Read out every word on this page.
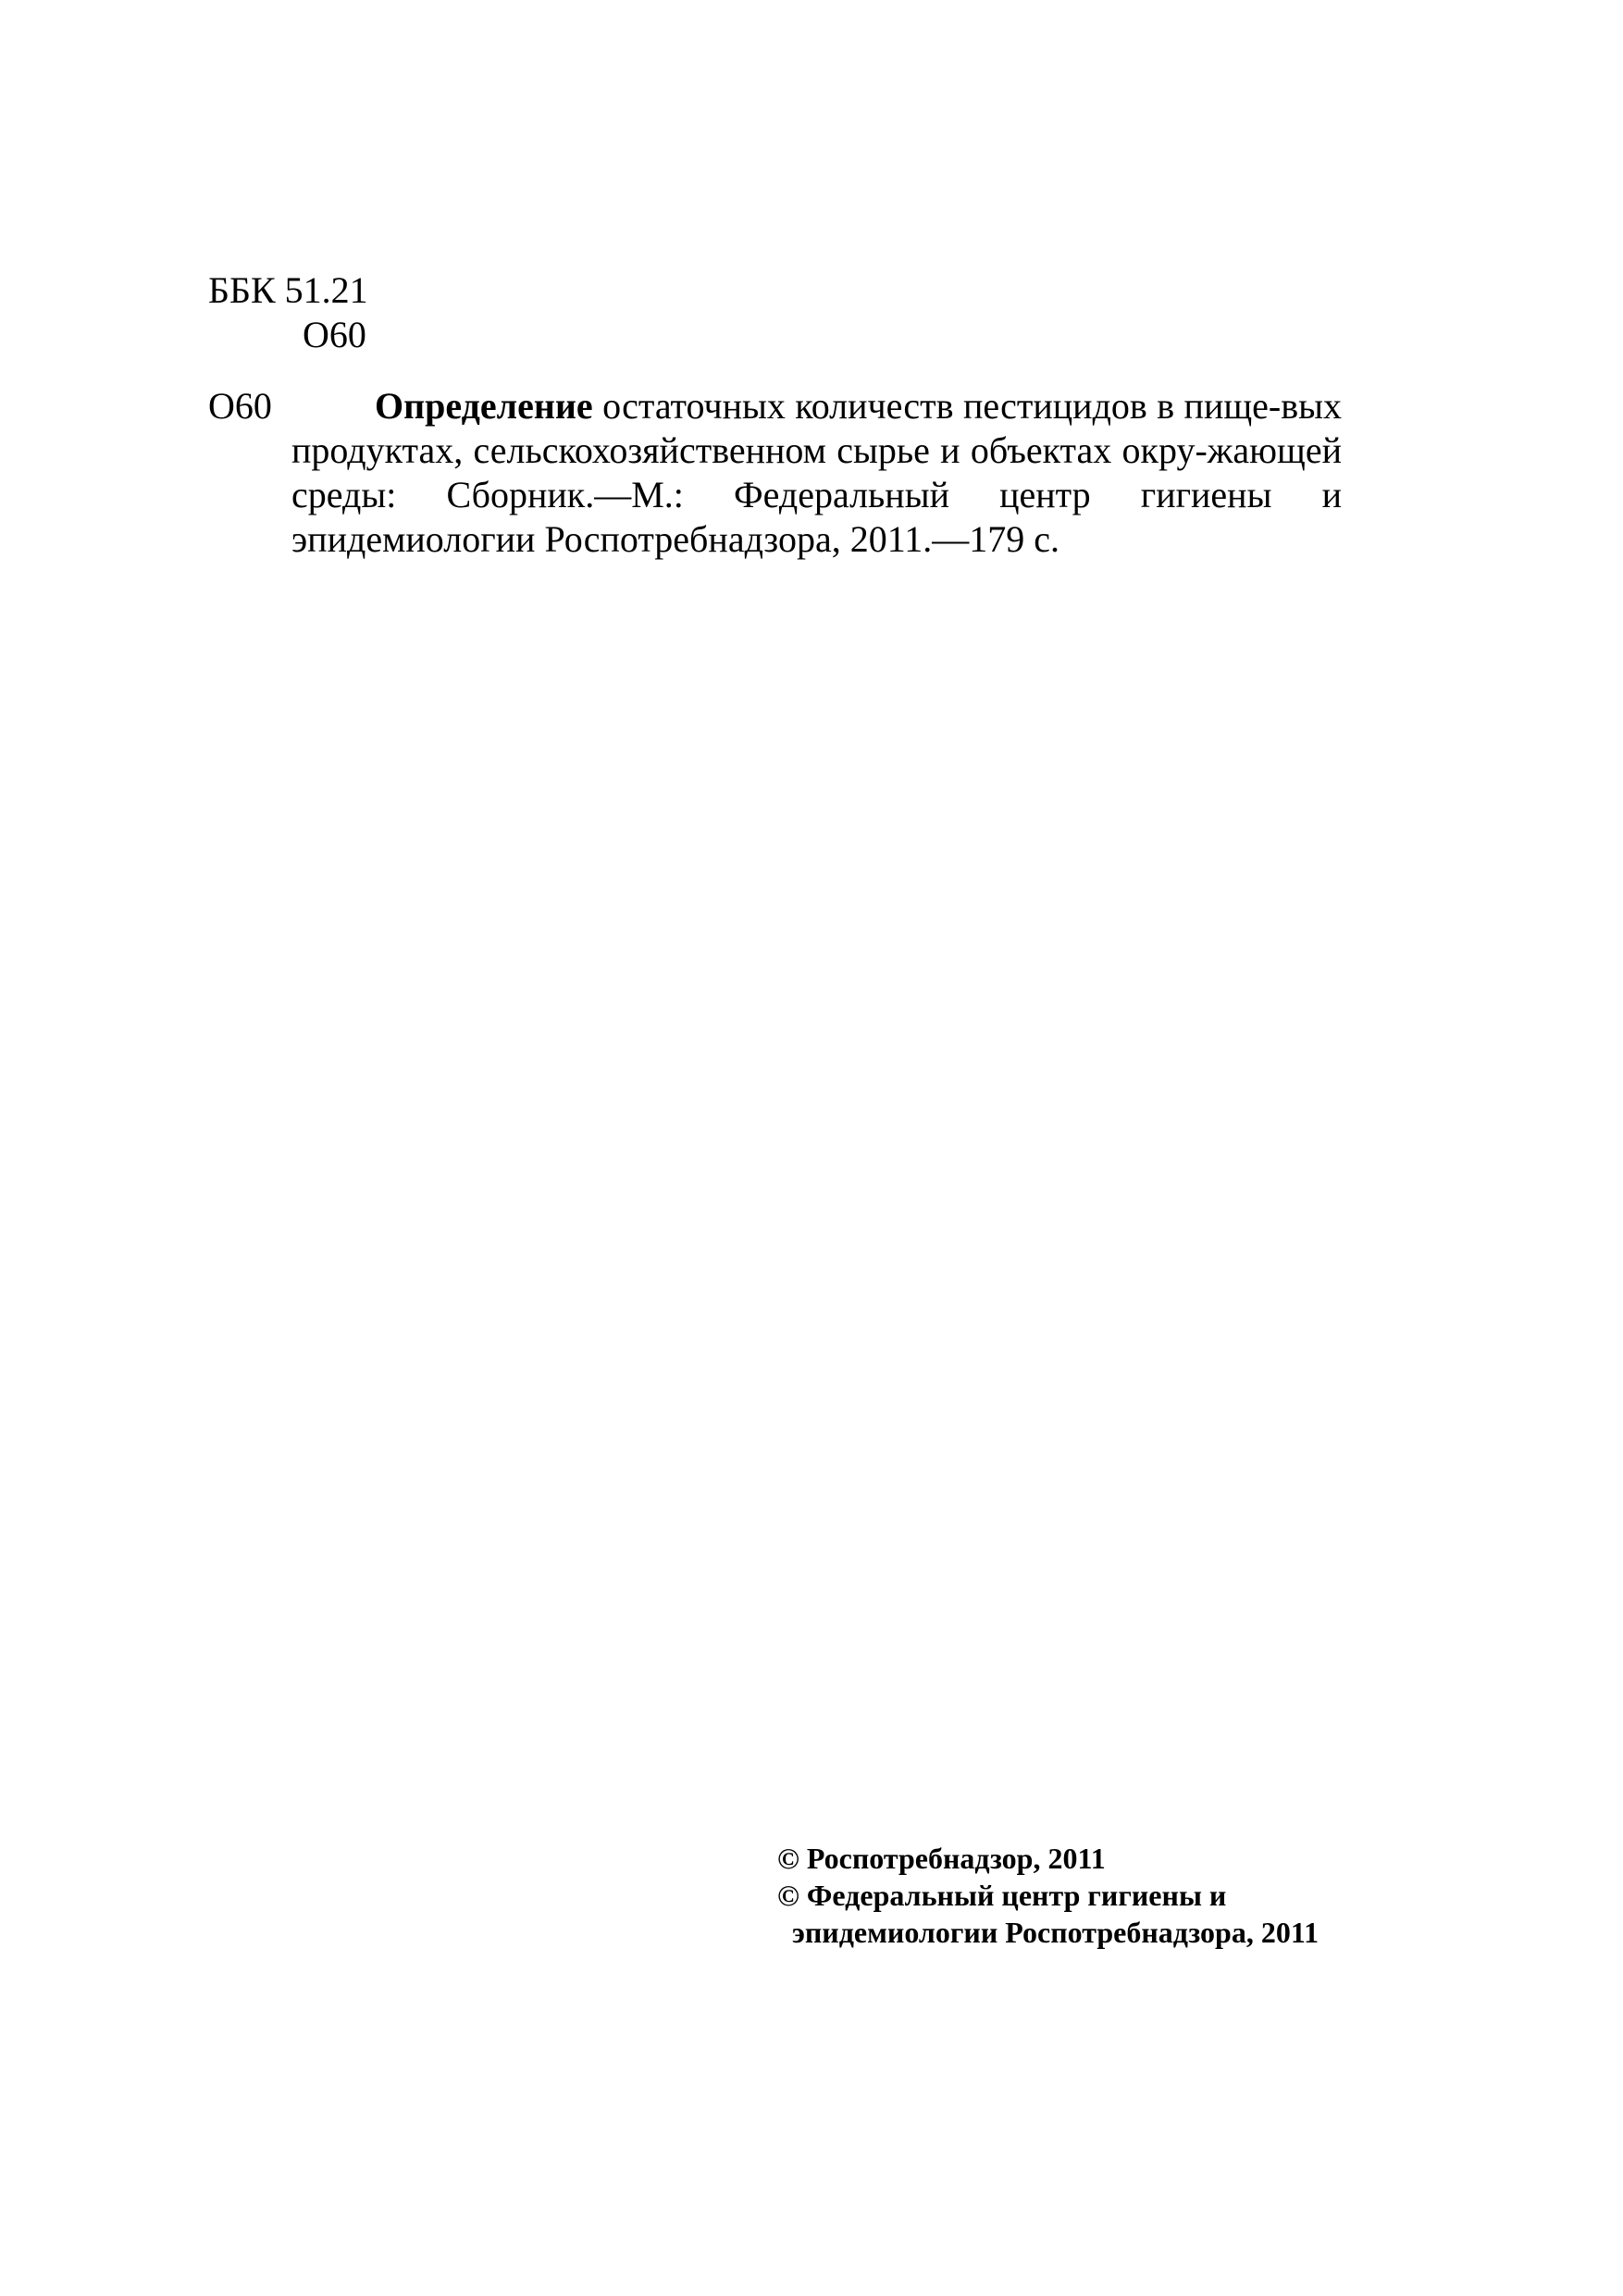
ББК 51.21

О60

О60	Определение остаточных количеств пестицидов в пище-вых продуктах, сельскохозяйственном сырье и объектах окру-жающей среды: Сборник.—М.: Федеральный центр гигиены и эпидемиологии Роспотребнадзора, 2011.—179 с.

© Роспотребнадзор, 2011
© Федеральный центр гигиены и
эпидемиологии Роспотребнадзора, 2011
